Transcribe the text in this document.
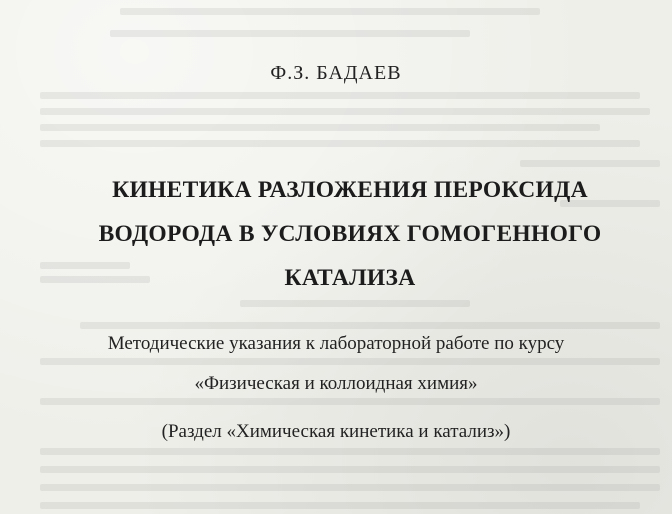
Ф.З. БАДАЕВ
КИНЕТИКА РАЗЛОЖЕНИЯ ПЕРОКСИДА
ВОДОРОДА В УСЛОВИЯХ ГОМОГЕННОГО
КАТАЛИЗА
Методические указания к лабораторной работе по курсу
«Физическая и коллоидная химия»
(Раздел «Химическая кинетика и катализ»)
